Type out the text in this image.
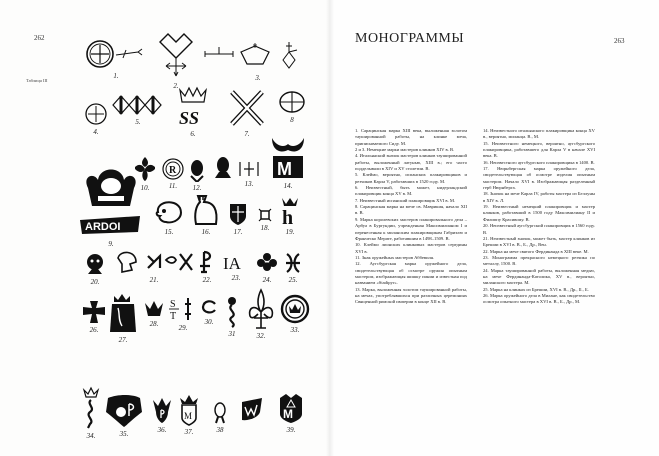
262	263
Таблица III
МОНОГРАММЫ
1.
2.
3.
4.
5. SS
6.	7.
8
ARDOI
9.
10.
R
11. 12.	13.
M
14.
15.	16.	17.	18. h
19.
20.	21.	22.
IA
23.	24. 25.
26.
27.
28.
S
T
29.
30.
31	32.
33.
34.	35.	36.
M
37.	38
M
39.

1. Сарацинская марка XIII века, выложенная золотом таушированной работы, на клинке меча, приписываемого Сиду. М.

2 и 3. Немецкие марки мастеров клинков XIV в. В.

4. Итальянский значок мастеров клинков таушированной работы, выложенный латунью, XIII в.; его часто подделывали в XIV и XV столетии. В.

5. Клеймо, вероятно, испанских плакировщиков и резчиков Карла V, работавших в 1520 году. М.

6. Неизвестный, быть может, нидерландский плакировщик конца XV в. М.

7. Неизвестный испанский плакировщик XVI в. М.

8. Сарацинская марка на мече св. Маврикия, начало XII в. В.

9. Марка королевских мастеров плакировального дела – Арбуа в Бургундии, учрежденная Максимилианом I и перенесенная к миланским плакировщикам Габриэлю и Франческо Мерате, работавшим в 1498–1509. В.

10. Клеймо лионских клинковых мастеров середины XVI в.

11. Знак оружейных мастеров Аббевиля.

12. Аугсбургская марка оружейного дела, свидетельствующая об осмотре оружия опытным мастером, изображающая шишку пинии и известная под названием «Stadtpyr».

13. Марка, выложенная золотом таушированной работы, на мечах, употреблявшихся при различных церемониях Священной римской империи в конце XII в. В.

14. Неизвестного итальянского плакировщика конца XV в., вероятно, миланца. В., М.

15. Неизвестного немецкого, вероятно, аугсбургского плакировщика, работавшего для Карла V в начале XVI века. В.

16. Неизвестного аугсбургского плакировщика в 1400. В.

17. Нюрнбергская марка оружейного дела, свидетельствующая об осмотре изделия опытным мастером. Начало XVI в. Изображающая разделенный герб Нюрнберга.

18. Значок на мече Карла IV, работы мастера из Беллуны в XIV в. Л.

19. Неизвестный немецкий плакировщик и мастер клинков, работавший в 1500 году Максимилиану II и Филиппу Красивому. В.

20. Неизвестный аугсбургский плакировщик в 1560 году. В.

21. Неизвестный значок, может быть, мастер клинков из Брешии в XVI в. В., Б., Др., Вен.

22. Марка на мече святого Фердинанда в XIII веке. М.

23. Монограмма прекрасного немецкого резчика по металлу, 1500. В.

24. Марка таушированной работы, выложенная медью, на мече Фердинанда-Католика, XV в., вероятно, миланского мастера. М.

25. Марка на клинках из Брешии, XVI в. В., Др., Il., Б.

26. Марка оружейного дела в Милане, как свидетельство осмотра опытного мастера в XVI в. В., Б., Др., М.
